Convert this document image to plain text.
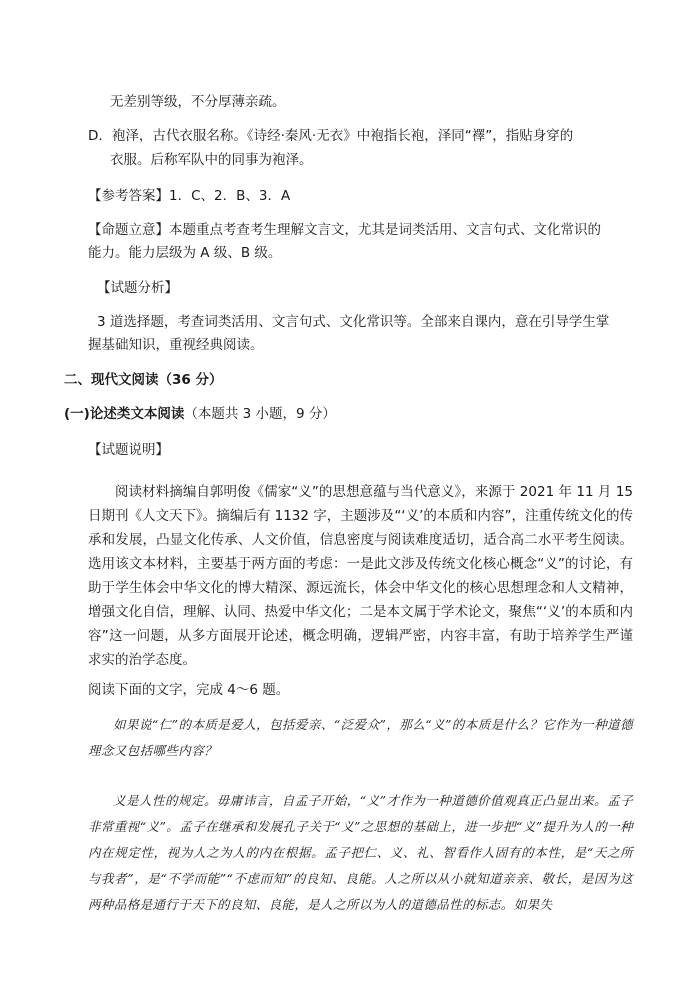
无差别等级，不分厚薄亲疏。
D．袍泽，古代衣服名称。《诗经·秦风·无衣》中袍指长袍，泽同“襗”，指贴身穿的
衣服。后称军队中的同事为袍泽。
【参考答案】1．C、2．B、3．A
【命题立意】本题重点考查考生理解文言文，尤其是词类活用、文言句式、文化常识的
能力。能力层级为 A 级、B 级。
【试题分析】
3 道选择题，考查词类活用、文言句式、文化常识等。全部来自课内，意在引导学生掌
握基础知识，重视经典阅读。
二、现代文阅读（36 分）
(一)论述类文本阅读（本题共 3 小题，9 分）
【试题说明】
阅读材料摘编自郭明俊《儒家“义”的思想意蕴与当代意义》，来源于 2021 年 11 月 15 日期刊《人文天下》。摘编后有 1132 字，主题涉及“‘义’的本质和内容”，注重传统文化的传承和发展，凸显文化传承、人文价值，信息密度与阅读难度适切，适合高二水平考生阅读。选用该文本材料，主要基于两方面的考虑：一是此文涉及传统文化核心概念“义”的讨论，有助于学生体会中华文化的博大精深、源远流长，体会中华文化的核心思想理念和人文精神，增强文化自信，理解、认同、热爱中华文化；二是本文属于学术论文，聚焦“‘义’的本质和内容”这一问题，从多方面展开论述，概念明确，逻辑严密，内容丰富，有助于培养学生严谨求实的治学态度。
阅读下面的文字，完成 4～6 题。
如果说“仁”的本质是爱人，包括爱亲、“泛爱众”，那么“义”的本质是什么？它作为一种道德理念又包括哪些内容？
义是人性的规定。毋庸讳言，自孟子开始，“义”才作为一种道德价值观真正凸显出来。孟子非常重视“义”。孟子在继承和发展孔子关于“义”之思想的基础上，进一步把“义”提升为人的一种内在规定性，视为人之为人的内在根据。孟子把仁、义、礼、智看作人固有的本性，是“天之所与我者”，是“不学而能”“不虑而知”的良知、良能。人之所以从小就知道亲亲、敬长，是因为这两种品格是通行于天下的良知、良能，是人之所以为人的道德品性的标志。如果失
